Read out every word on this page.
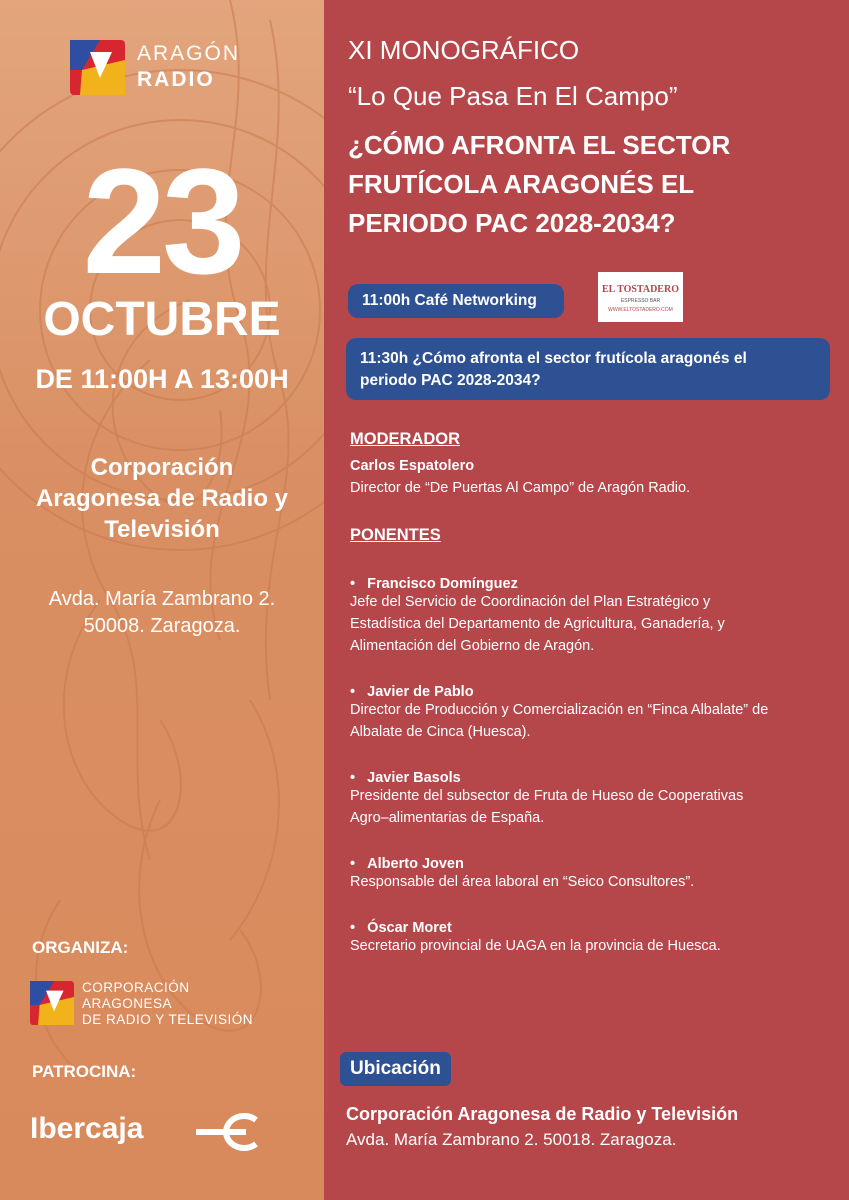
ARAGÓN
RADIO
23
OCTUBRE
DE 11:00H A 13:00H
Corporación
Aragonesa de Radio y
Televisión
Avda. María Zambrano 2.
50008. Zaragoza.
ORGANIZA:
CORPORACIÓN
ARAGONESA
DE RADIO Y TELEVISIÓN
PATROCINA:
Ibercaja
XI MONOGRÁFICO
“Lo Que Pasa En El Campo”
¿CÓMO AFRONTA EL SECTOR
FRUTÍCOLA ARAGONÉS EL
PERIODO PAC 2028-2034?
11:00h Café Networking
EL TOSTADERO
ESPRESSO BAR
WWW.ELTOSTADERO.COM
11:30h ¿Cómo afronta el sector frutícola aragonés el
periodo PAC 2028-2034?
MODERADOR
Carlos Espatolero
Director de “De Puertas Al Campo” de Aragón Radio.
PONENTES
• Francisco Domínguez
Jefe del Servicio de Coordinación del Plan Estratégico y
Estadística del Departamento de Agricultura, Ganadería, y
Alimentación del Gobierno de Aragón.
• Javier de Pablo
Director de Producción y Comercialización en “Finca Albalate” de
Albalate de Cinca (Huesca).
• Javier Basols
Presidente del subsector de Fruta de Hueso de Cooperativas
Agro–alimentarias de España.
• Alberto Joven
Responsable del área laboral en “Seico Consultores”.
• Óscar Moret
Secretario provincial de UAGA en la provincia de Huesca.
Ubicación
Corporación Aragonesa de Radio y Televisión
Avda. María Zambrano 2. 50018. Zaragoza.
